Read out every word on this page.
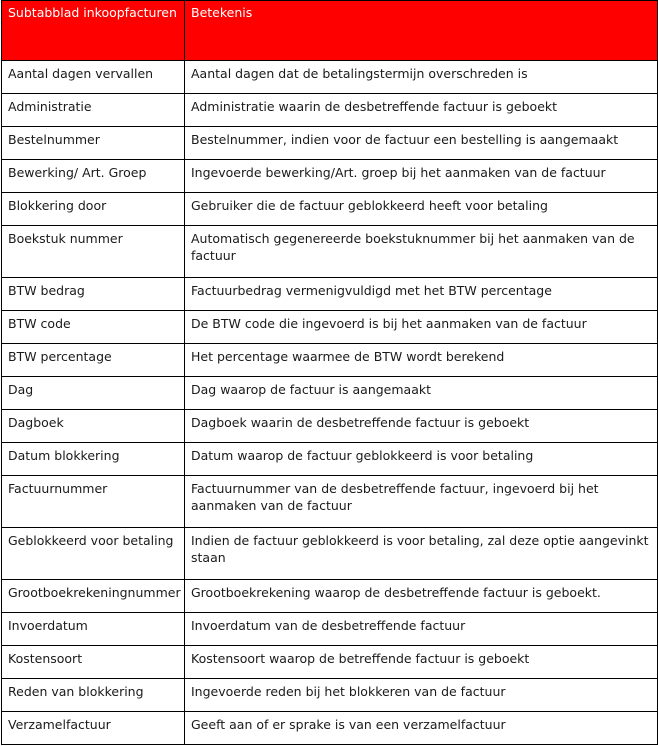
Subtabblad inkoopfacturen	Betekenis
Aantal dagen vervallen	Aantal dagen dat de betalingstermijn overschreden is
Administratie	Administratie waarin de desbetreffende factuur is geboekt
Bestelnummer	Bestelnummer, indien voor de factuur een bestelling is aangemaakt
Bewerking/ Art. Groep	Ingevoerde bewerking/Art. groep bij het aanmaken van de factuur
Blokkering door	Gebruiker die de factuur geblokkeerd heeft voor betaling
Boekstuk nummer	Automatisch gegenereerde boekstuknummer bij het aanmaken van de factuur
BTW bedrag	Factuurbedrag vermenigvuldigd met het BTW percentage
BTW code	De BTW code die ingevoerd is bij het aanmaken van de factuur
BTW percentage	Het percentage waarmee de BTW wordt berekend
Dag	Dag waarop de factuur is aangemaakt
Dagboek	Dagboek waarin de desbetreffende factuur is geboekt
Datum blokkering	Datum waarop de factuur geblokkeerd is voor betaling
Factuurnummer	Factuurnummer van de desbetreffende factuur, ingevoerd bij het aanmaken van de factuur
Geblokkeerd voor betaling	Indien de factuur geblokkeerd is voor betaling, zal deze optie aangevinkt staan
Grootboekrekeningnummer	Grootboekrekening waarop de desbetreffende factuur is geboekt.
Invoerdatum	Invoerdatum van de desbetreffende factuur
Kostensoort	Kostensoort waarop de betreffende factuur is geboekt
Reden van blokkering	Ingevoerde reden bij het blokkeren van de factuur
Verzamelfactuur	Geeft aan of er sprake is van een verzamelfactuur
